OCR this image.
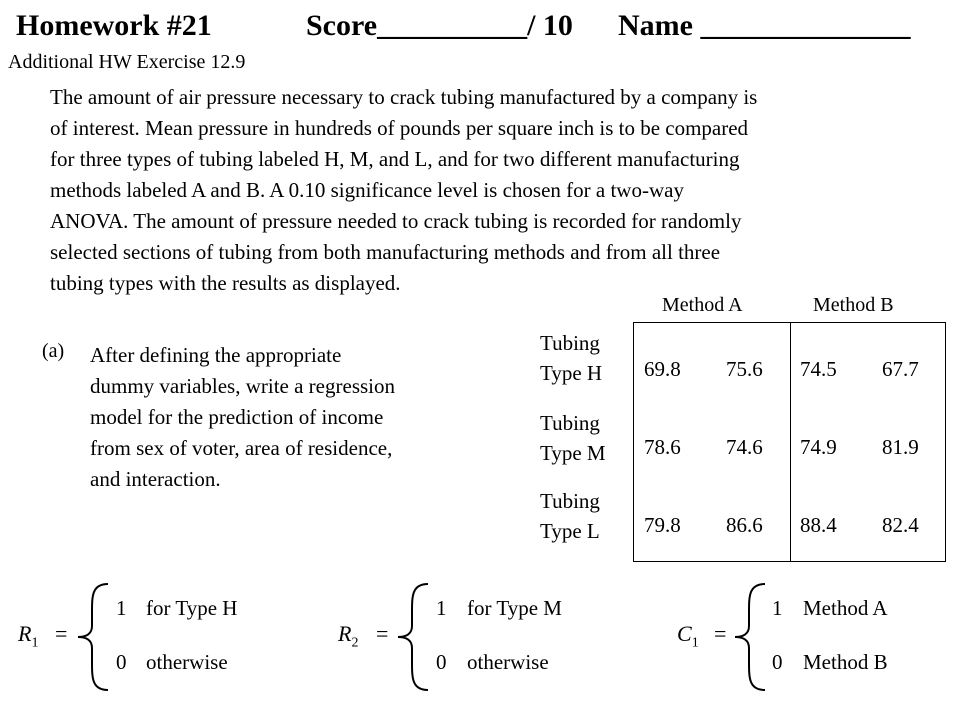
Homework #21	Score__________/ 10 Name ______________
Additional HW Exercise 12.9
The amount of air pressure necessary to crack tubing manufactured by a company is
of interest. Mean pressure in hundreds of pounds per square inch is to be compared
for three types of tubing labeled H, M, and L, and for two different manufacturing
methods labeled A and B. A 0.10 significance level is chosen for a two-way
ANOVA. The amount of pressure needed to crack tubing is recorded for randomly
selected sections of tubing from both manufacturing methods and from all three
tubing types with the results as displayed.
(a) After defining the appropriate
dummy variables, write a regression
model for the prediction of income
from sex of voter, area of residence,
and interaction.
Method A	Method B
Tubing
Type H
Tubing
Type M
Tubing
Type L
69.8 75.6 74.5 67.7
78.6 74.6 74.9 81.9
79.8 86.6 88.4 82.4
$R_1$ =
1 for Type H
0 otherwise
$R_2$ =
1 for Type M
0 otherwise
$C_1$ =
1 Method A
0 Method B
